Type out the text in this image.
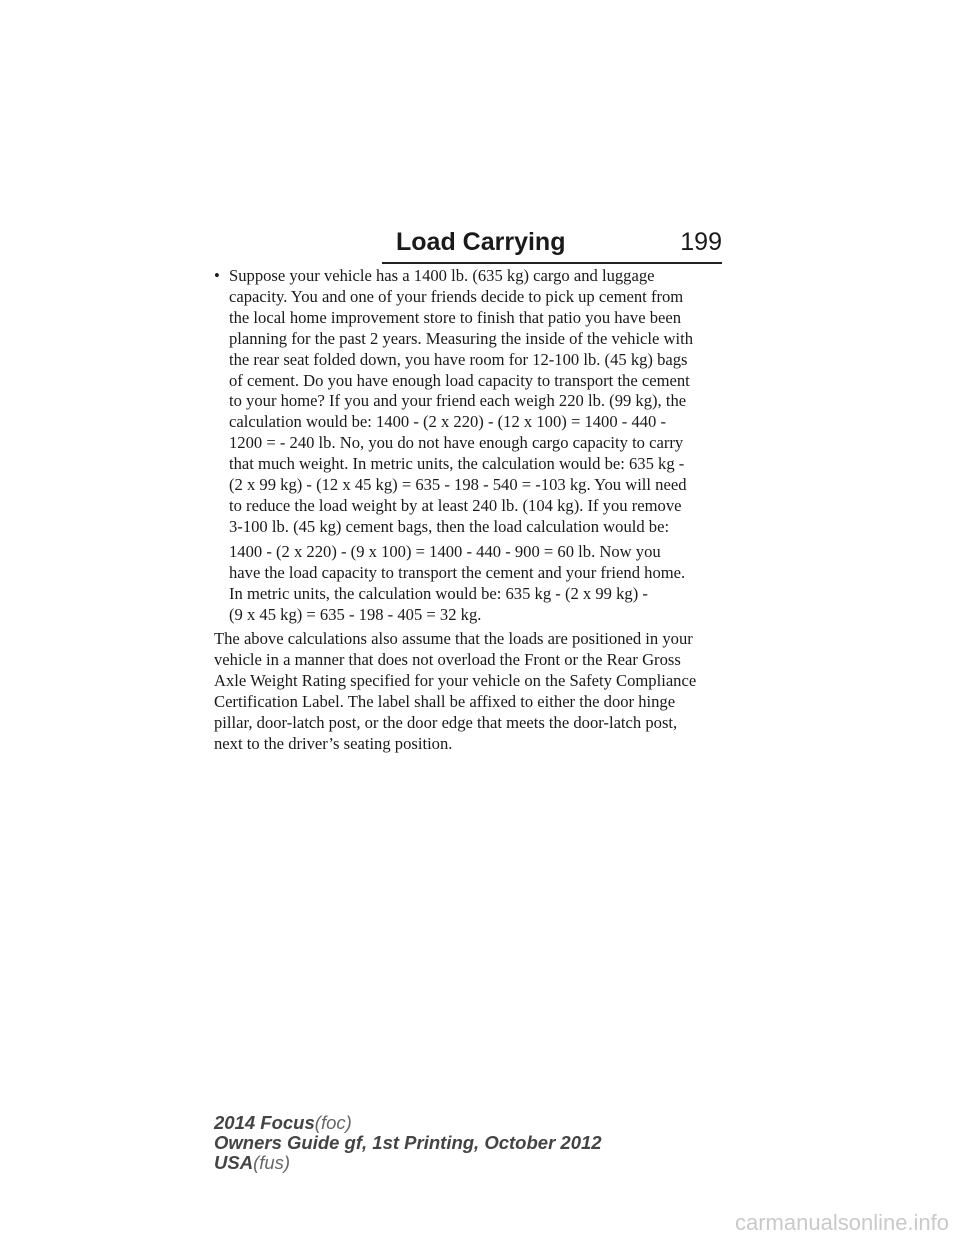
Load Carrying	199
• Suppose your vehicle has a 1400 lb. (635 kg) cargo and luggage
capacity. You and one of your friends decide to pick up cement from
the local home improvement store to finish that patio you have been
planning for the past 2 years. Measuring the inside of the vehicle with
the rear seat folded down, you have room for 12-100 lb. (45 kg) bags
of cement. Do you have enough load capacity to transport the cement
to your home? If you and your friend each weigh 220 lb. (99 kg), the
calculation would be: 1400 - (2 x 220) - (12 x 100) = 1400 - 440 -
1200 = - 240 lb. No, you do not have enough cargo capacity to carry
that much weight. In metric units, the calculation would be: 635 kg -
(2 x 99 kg) - (12 x 45 kg) = 635 - 198 - 540 = -103 kg. You will need
to reduce the load weight by at least 240 lb. (104 kg). If you remove
3-100 lb. (45 kg) cement bags, then the load calculation would be:
1400 - (2 x 220) - (9 x 100) = 1400 - 440 - 900 = 60 lb. Now you
have the load capacity to transport the cement and your friend home.
In metric units, the calculation would be: 635 kg - (2 x 99 kg) -
(9 x 45 kg) = 635 - 198 - 405 = 32 kg.
The above calculations also assume that the loads are positioned in your
vehicle in a manner that does not overload the Front or the Rear Gross
Axle Weight Rating specified for your vehicle on the Safety Compliance
Certification Label. The label shall be affixed to either the door hinge
pillar, door-latch post, or the door edge that meets the door-latch post,
next to the driver’s seating position.
2014 Focus(foc)
Owners Guide gf, 1st Printing, October 2012
USA(fus)
carmanualsonline.info
